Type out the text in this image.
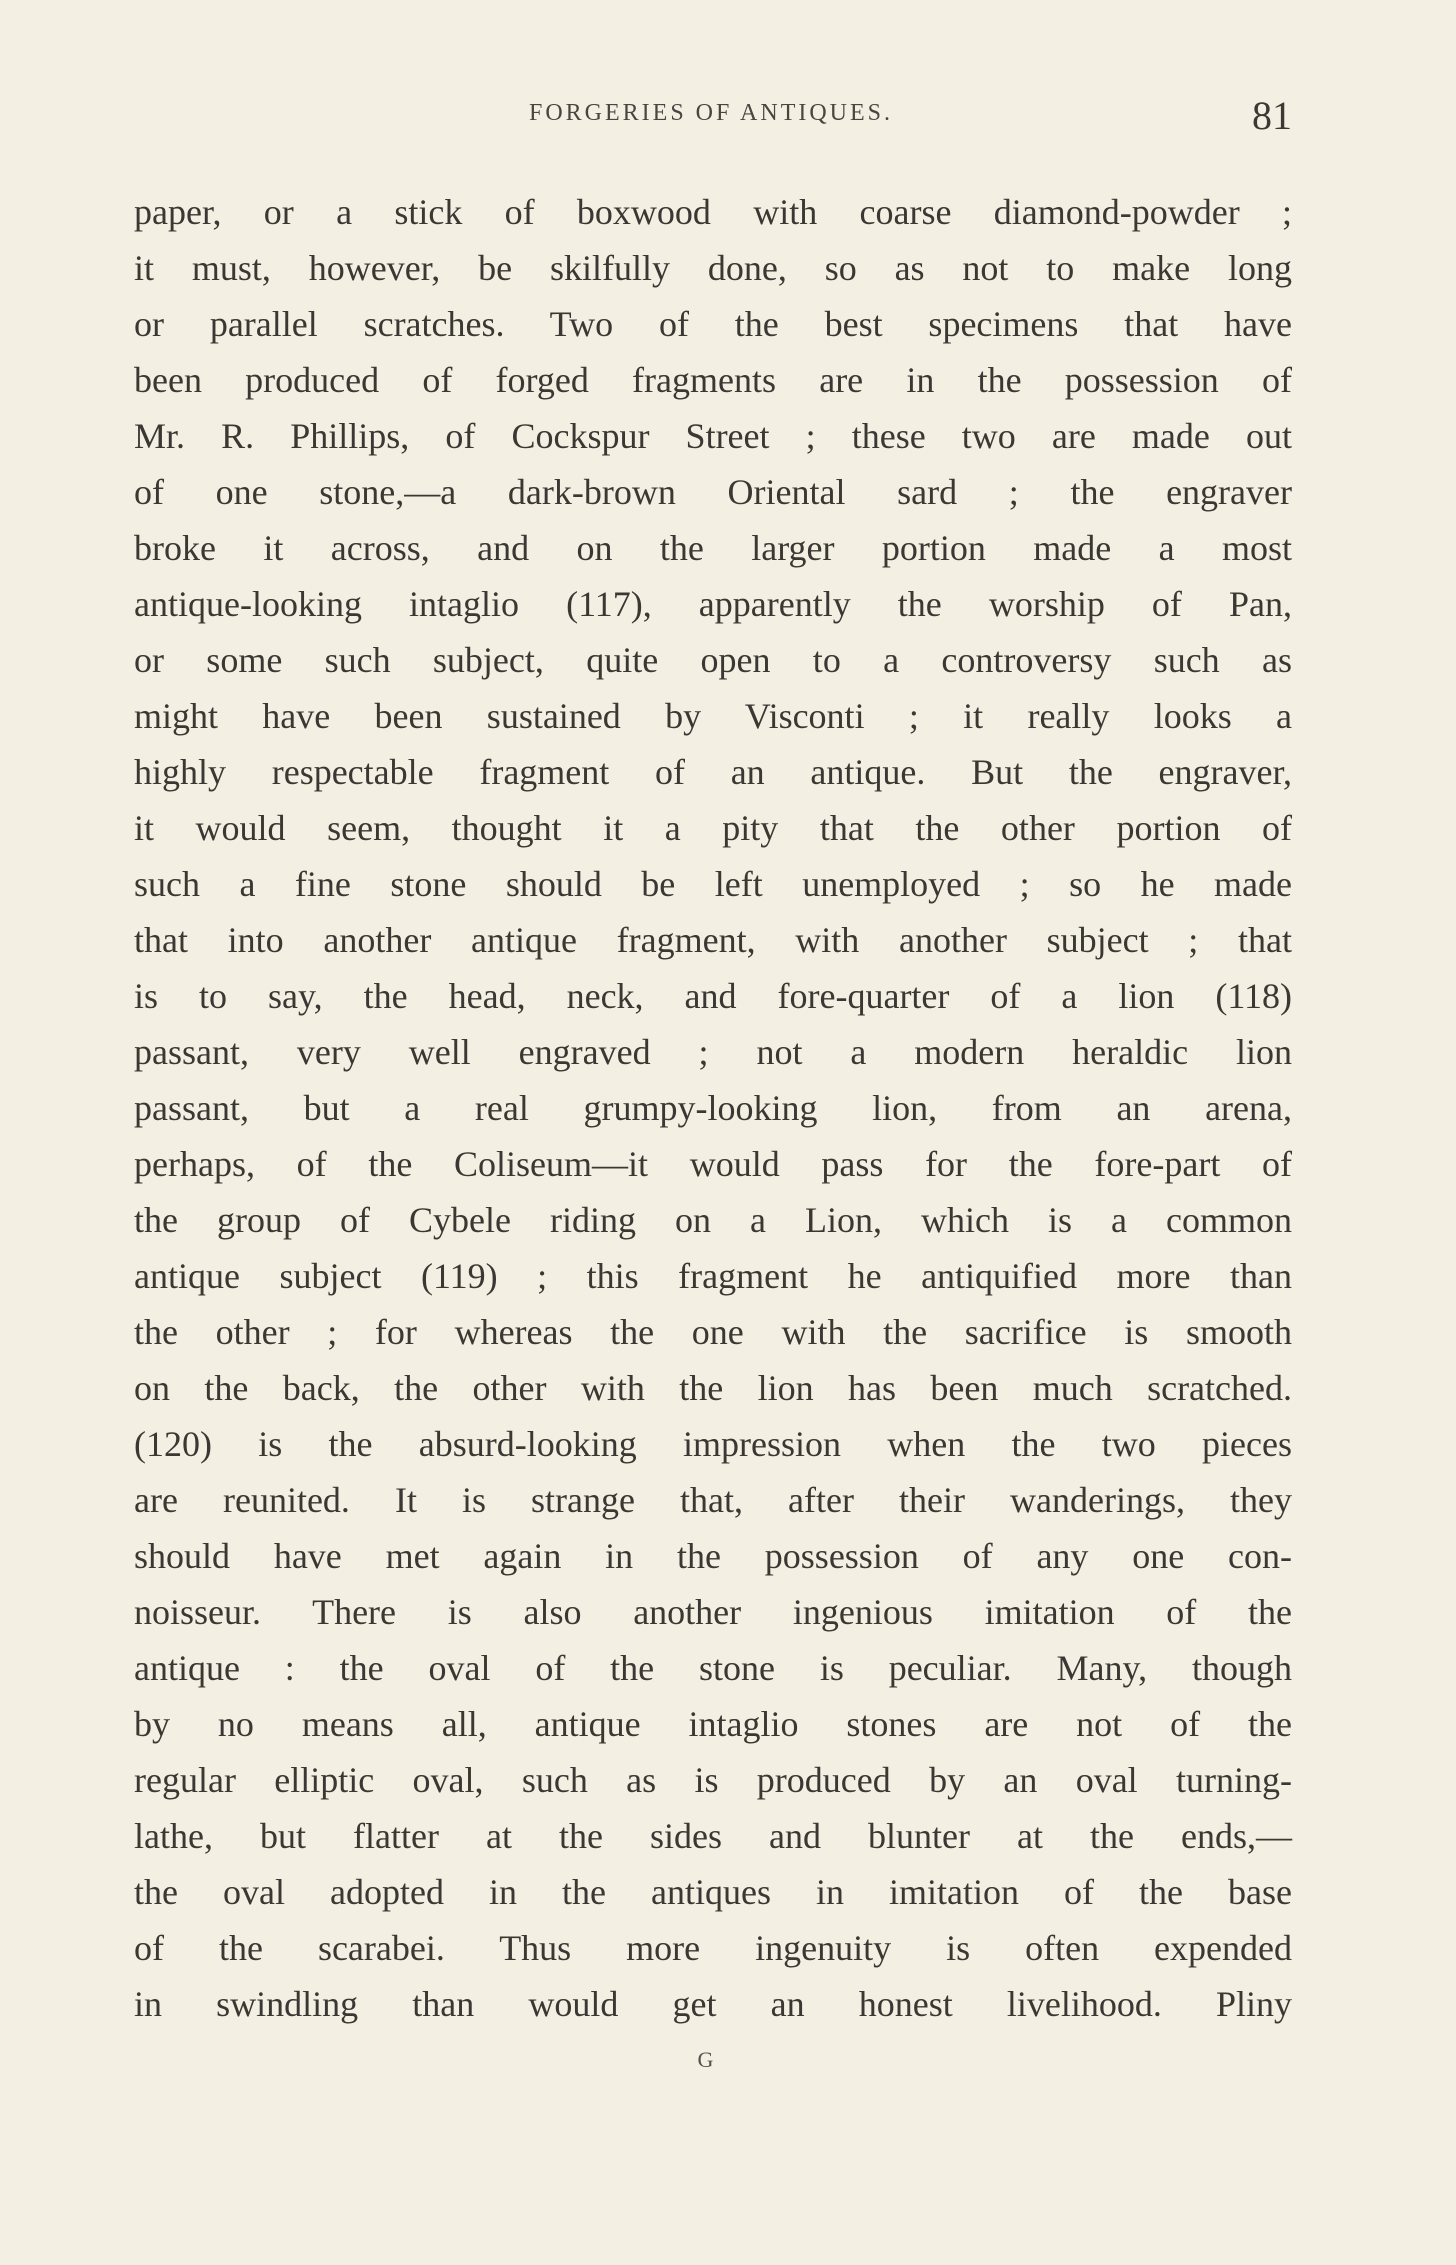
FORGERIES OF ANTIQUES.	81
paper, or a stick of boxwood with coarse diamond-powder ;
it must, however, be skilfully done, so as not to make long
or parallel scratches. Two of the best specimens that have
been produced of forged fragments are in the possession of
Mr. R. Phillips, of Cockspur Street ; these two are made out
of one stone,—a dark-brown Oriental sard ; the engraver
broke it across, and on the larger portion made a most
antique-looking intaglio (117), apparently the worship of Pan,
or some such subject, quite open to a controversy such as
might have been sustained by Visconti ; it really looks a
highly respectable fragment of an antique. But the engraver,
it would seem, thought it a pity that the other portion of
such a fine stone should be left unemployed ; so he made
that into another antique fragment, with another subject ; that
is to say, the head, neck, and fore-quarter of a lion (118)
passant, very well engraved ; not a modern heraldic lion
passant, but a real grumpy-looking lion, from an arena,
perhaps, of the Coliseum—it would pass for the fore-part of
the group of Cybele riding on a Lion, which is a common
antique subject (119) ; this fragment he antiquified more than
the other ; for whereas the one with the sacrifice is smooth
on the back, the other with the lion has been much scratched.
(120) is the absurd-looking impression when the two pieces
are reunited. It is strange that, after their wanderings, they
should have met again in the possession of any one con-
noisseur. There is also another ingenious imitation of the
antique : the oval of the stone is peculiar. Many, though
by no means all, antique intaglio stones are not of the
regular elliptic oval, such as is produced by an oval turning-
lathe, but flatter at the sides and blunter at the ends,—
the oval adopted in the antiques in imitation of the base
of the scarabei. Thus more ingenuity is often expended
in swindling than would get an honest livelihood. Pliny
G
